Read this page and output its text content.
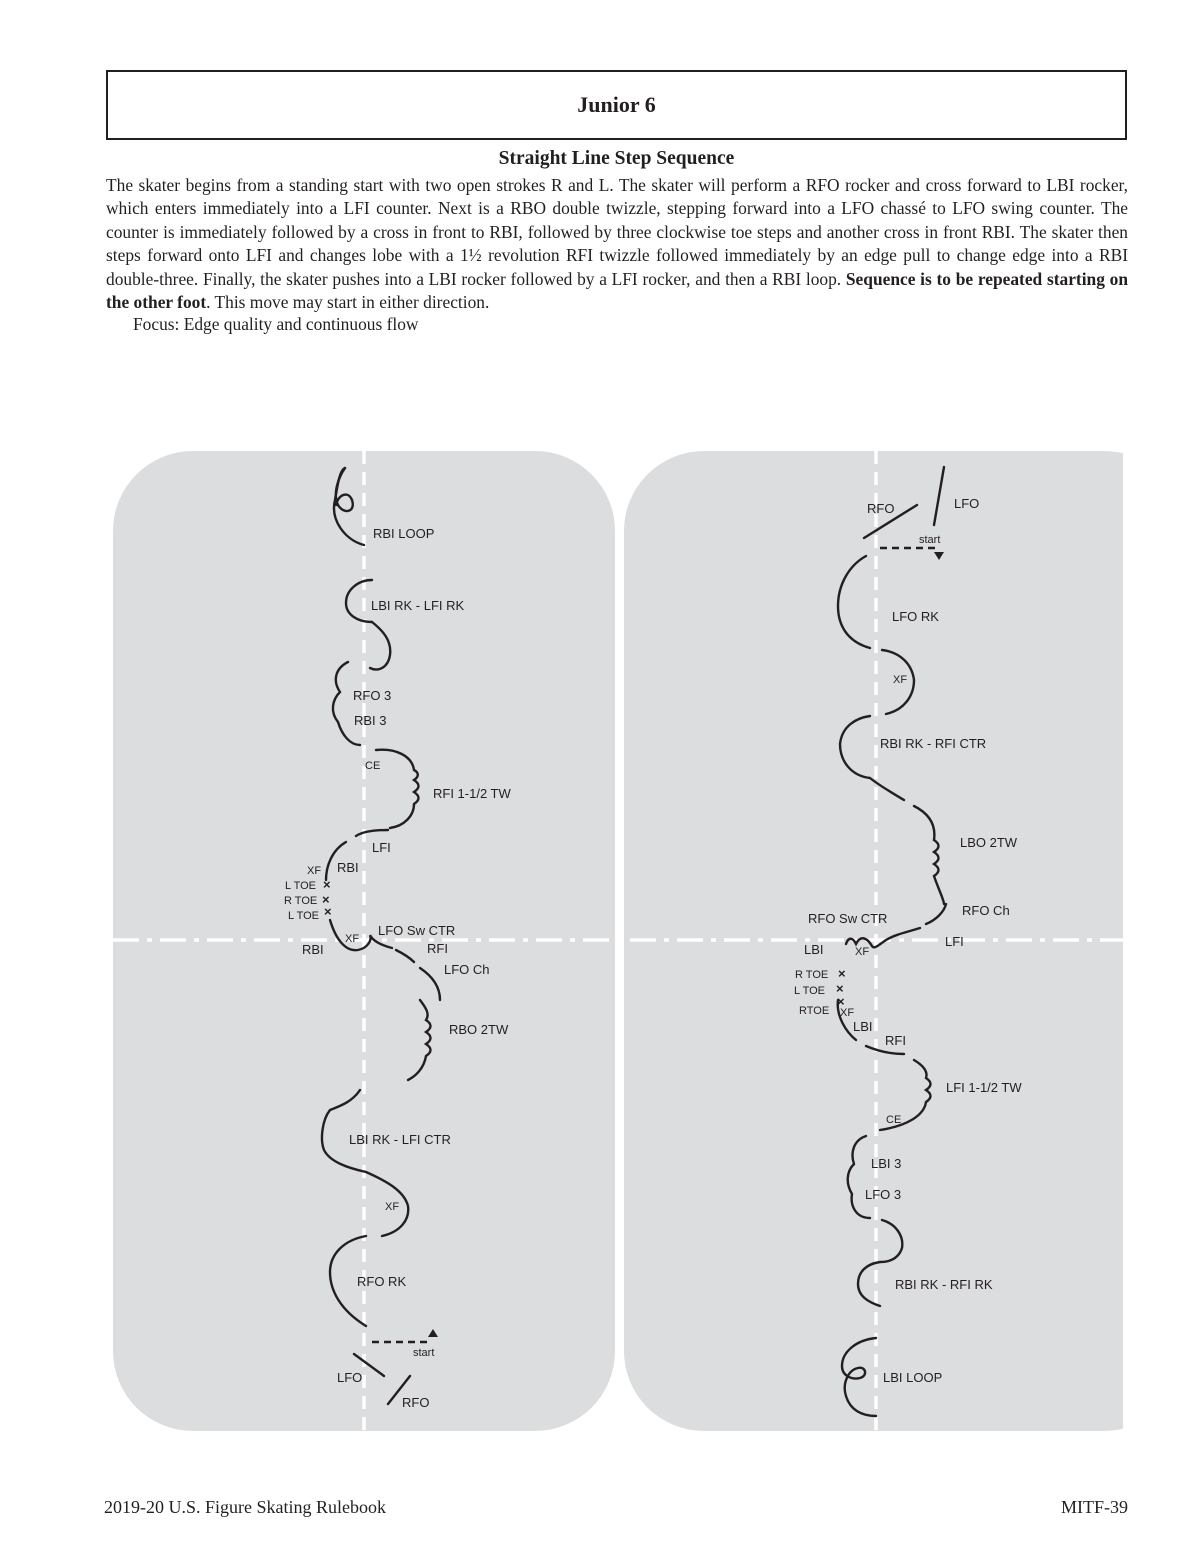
Junior 6
Straight Line Step Sequence

The skater begins from a standing start with two open strokes R and L. The skater will perform a RFO rocker and cross forward to LBI rocker, which enters immediately into a LFI counter. Next is a RBO double twizzle, stepping forward into a LFO chassé to LFO swing counter. The counter is immediately followed by a cross in front to RBI, followed by three clockwise toe steps and another cross in front RBI. The skater then steps forward onto LFI and changes lobe with a 1½ revolution RFI twizzle followed immediately by an edge pull to change edge into a RBI double-three. Finally, the skater pushes into a LBI rocker followed by a LFI rocker, and then a RBI loop. Sequence is to be repeated starting on the other foot. This move may start in either direction.

Focus: Edge quality and continuous flow
×
×
×
RBI LOOP
LBI RK - LFI RK
RFO 3
RBI 3
CE
RFI 1-1/2 TW
LFI
XF RBI
L TOE
R TOE
L TOE
LFO Sw CTR
XF
RBI	RFI
LFO Ch
RBO 2TW
LBI RK - LFI CTR
XF
RFO RK
start
LFO
RFO
×
×
×
RFO	LFO
start
LFO RK
XF
RBI RK - RFI CTR
LBO 2TW
RFO Ch
RFO Sw CTR
LBI	XF
LFI
R TOE
L TOE
RTOE XF
LBI
RFI
LFI 1-1/2 TW
CE
LBI 3
LFO 3
RBI RK - RFI RK
LBI LOOP
2019-20 U.S. Figure Skating Rulebook	MITF-39
